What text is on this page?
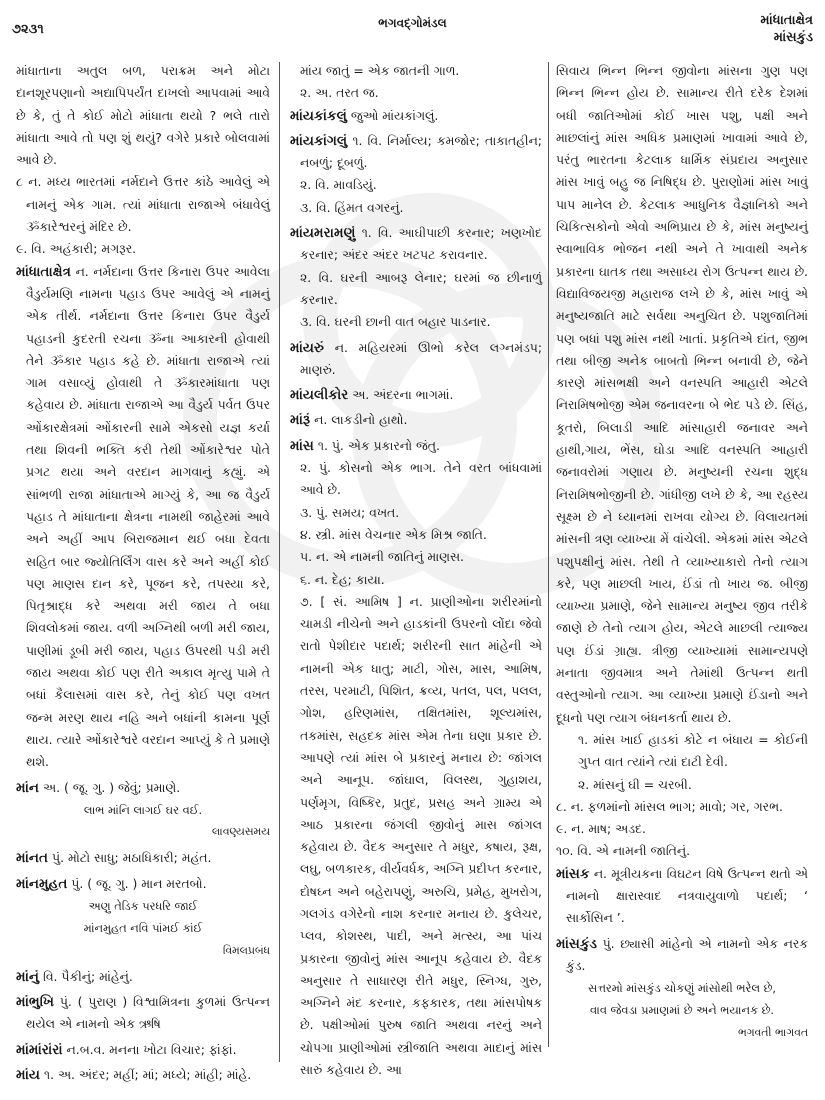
૭૨૩૧	ભગવદ્ગોમંડલ	માંધાતાક્ષેત્ર
માંસકુંડ

માંધાતાના અતુલ બળ, પરાક્રમ અને મોટા દાનશૂરપણાનો અદ્યાપિપર્યંત દાખલો આપવામાં આવે છે કે, તું તે કોઈ મોટો માંધાતા થયો ? ભલે તારો માંધાતા આવે તો પણ શું થયું? વગેરે પ્રકારે બોલવામાં આવે છે.

૮ ન. મધ્ય ભારતમાં નર્મદાને ઉત્તર કાંઠે આવેલું એ નામનું એક ગામ. ત્યાં માંધાતા રાજાએ બંધાવેલું ૐકારેશ્વરનું મંદિર છે.

૯. વિ. અહંકારી; મગરૂર.

માંધાતાક્ષેત્ર ન. નર્મદાના ઉત્તર કિનારા ઉપર આવેલા વૈડુર્યમણિ નામના પહાડ ઉપર આવેલું એ નામનું એક તીર્થ. નર્મદાના ઉત્તર કિનારા ઉપર વૈડુર્ય પહાડની કુદરતી રચના ૐના આકારની હોવાથી તેને ૐકાર પહાડ કહે છે. માંધાતા રાજાએ ત્યાં ગામ વસાવ્યું હોવાથી તે ૐકારમાંધાતા પણ કહેવાય છે. માંધાતા રાજાએ આ વૈડુર્ય પર્વત ઉપર ઓંકારક્ષેત્રમાં ઓંકારની સામે એકસો યજ્ઞ કર્યા તથા શિવની ભક્તિ કરી તેથી ઓંકારેશ્વર પોતે પ્રગટ થયા અને વરદાન માગવાનું કહ્યું. એ સાંભળી રાજા માંધાતાએ માગ્યું કે, આ જ વૈડુર્ય પહાડ તે માંધાતાના ક્ષેત્રના નામથી જાહેરમાં આવે અને અહીં આપ બિરાજમાન થઈ બધા દેવતા સહિત બાર જ્યોતિર્લિંગ વાસ કરે અને અહીં કોઈ પણ માણસ દાન કરે, પૂજન કરે, તપસ્યા કરે, પિતૃશ્રાદ્ધ કરે અથવા મરી જાય તે બધા શિવલોકમાં જાય. વળી અગ્નિથી બળી મરી જાય, પાણીમાં ડૂબી મરી જાય, પહાડ ઉપરથી પડી મરી જાય અથવા કોઈ પણ રીતે અકાલ મૃત્યુ પામે તે બધાં કૈલાસમાં વાસ કરે, તેનું કોઈ પણ વખત જન્મ મરણ થાય નહિ અને બધાંની કામના પૂર્ણ થાય. ત્યારે ઓંકારેશ્વરે વરદાન આપ્યું કે તે પ્રમાણે થશે.

માંન અ. ( જૂ. ગુ. ) જેવું; પ્રમાણે.

લાભ માંનિ લાગઈ ઘર વઈ.

લાવણ્યસમય

માંનત પું. મોટો સાધુ; મઠાધિકારી; મહંત.

માંનમુહત પું. ( જૂ. ગુ. ) માન મરતબો.

અણુ તેડિક પરધરિ જાઈ

માંનમુહત નવિ પાંમઈ કાંઈ

વિમલપ્રબંધ

માંનું વિ. પૈકીનું; માંહેનું.

માંભુખિ પું. ( પુરાણ ) વિશ્વામિત્રના કુળમાં ઉત્પન્ન થયેલ એ નામનો એક ઋષિ

માંમાંરાંરાં ન.બ.વ. મનના ખોટા વિચાર; ફાંફાં.

માંય ૧. અ. અંદર; મહીં; માં; મધ્યે; માંહી; માંહે.

માંય જાતું = એક જાતની ગાળ.

૨. અ. તરત જ.

માંયકાંકલું જુઓ માંયકાંગલું.

માંયકાંગલું ૧. વિ. નિર્માલ્ય; કમજોર; તાકાતહીન; નબળું; દૂબળું.

૨. વિ. માવડિયું.

૩. વિ. હિંમત વગરનું.

માંયમરામણું ૧. વિ. આઘીપાછી કરનાર; ખણખોદ કરનાર; અંદર અંદર ખટપટ કરાવનાર.

૨. વિ. ઘરની આબરૂ લેનાર; ઘરમાં જ છીનાળું કરનાર.

૩. વિ. ઘરની છાની વાત બહાર પાડનાર.

માંયરું ન. મહિયરમાં ઊભો કરેલ લગ્નમંડપ; માણરું.

માંયલીકોર અ. અંદરના ભાગમાં.

માંરૂં ન. લાકડીનો હાથો.

માંસ ૧. પું. એક પ્રકારનો જંતુ.

૨. પું. કોસનો એક ભાગ. તેને વરત બાંધવામાં આવે છે.

૩. પું. સમય; વખત.

૪. સ્ત્રી. માંસ વેચનાર એક મિશ્ર જાતિ.

૫. ન. એ નામની જાતિનું માણસ.

૬. ન. દેહ; કાયા.

૭. [ સં. આમિષ ] ન. પ્રાણીઓના શરીરમાંનો ચામડી નીચેનો અને હાડકાંની ઉપરનો લોંદા જેવો રાતો પેશીદાર પદાર્થ; શરીરની સાત માંહેની એ નામની એક ધાતુ; માટી, ગોસ, માસ, આમિષ, તરસ, પરમાટી, પિશિત, ક્રવ્ય, પતલ, પલ, પલલ, ગોશ, હરિણમાંસ, તક્ષિતમાંસ, શૂલ્યમાંસ, તકમાંસ, સહદક માંસ એમ તેના ઘણા પ્રકાર છે. આપણે ત્યાં માંસ બે પ્રકારનું મનાય છે: જાંગલ અને આનૂપ. જાંઘાલ, વિલસ્થ, ગુહાશય, પર્ણમૃગ, વિષ્કિર, પ્રતુદ, પ્રસહ અને ગ્રામ્ય એ આઠ પ્રકારના જંગલી જીવોનું માસ જાંગલ કહેવાય છે. વૈદક અનુસાર તે મધુર, કષાય, રૂક્ષ, લઘુ, બળકારક, વીર્યવર્ધક, અગ્નિ પ્રદીપ્ત કરનાર, દોષઘ્ન અને બહેરાપણું, અરુચિ, પ્રમેહ, મુખરોગ, ગલગંડ વગેરેનો નાશ કરનાર મનાય છે. કુલેચર, પ્લવ, કોશસ્થ, પાદી, અને મત્સ્ય, આ પાંચ પ્રકારના જીવોનું માંસ આનૂપ કહેવાય છે. વૈદક અનુસાર તે સાધારણ રીતે મધુર, સ્નિગ્ધ, ગુરુ, અગ્નિને મંદ કરનાર, કફકારક, તથા માંસપોષક છે. પક્ષીઓમાં પુરુષ જાતિ અથવા નરનું અને ચોપગા પ્રાણીઓમાં સ્ત્રીજાતિ અથવા માદાનું માંસ સારું કહેવાય છે. આ

સિવાય ભિન્ન ભિન્ન જીવોના માંસના ગુણ પણ ભિન્ન ભિન્ન હોય છે. સામાન્ય રીતે દરેક દેશમાં બધી જાતિઓમાં કોઈ ખાસ પશુ, પક્ષી અને માછલાંનું માંસ અધિક પ્રમાણમાં ખાવામાં આવે છે, પરંતુ ભારતના કેટલાક ધાર્મિક સંપ્રદાય અનુસાર માંસ ખાવું બહુ જ નિષિદ્ધ છે. પુરાણોમાં માંસ ખાવું પાપ માનેલ છે. કેટલાક આધુનિક વૈજ્ઞાનિકો અને ચિકિત્સકોનો એવો અભિપ્રાય છે કે, માંસ મનુષ્યનું સ્વાભાવિક ભોજન નથી અને તે ખાવાથી અનેક પ્રકારના ઘાતક તથા અસાધ્ય રોગ ઉત્પન્ન થાય છે. વિદ્યાવિજયજી મહારાજ લખે છે કે, માંસ ખાવું એ મનુષ્યજાતિ માટે સર્વથા અનુચિત છે. પશુજાતિમાં પણ બધાં પશુ માંસ નથી ખાતાં. પ્રકૃતિએ દાંત, જીભ તથા બીજી અનેક બાબતો ભિન્ન બનાવી છે, જેને કારણે માંસભક્ષી અને વનસ્પતિ આહારી એટલે નિરામિષભોજી એમ જનાવરના બે ભેદ પડે છે. સિંહ, કૂતરો, બિલાડી આદિ માંસાહારી જનાવર અને હાથી,ગાય, ભેંસ, ઘોડા આદિ વનસ્પતિ આહારી જનાવરોમાં ગણાય છે. મનુષ્યની રચના શુદ્ધ નિરામિષભોજીની છે. ગાંધીજી લખે છે કે, આ રહસ્ય સૂક્ષ્મ છે ને ધ્યાનમાં રાખવા યોગ્ય છે. વિલાયતમાં માંસની ત્રણ વ્યાખ્યા મેં વાંચેલી. એકમાં માંસ એટલે પશુપક્ષીનું માંસ. તેથી તે વ્યાખ્યાકારો તેનો ત્યાગ કરે, પણ માછલી ખાય, ઈંડાં તો ખાય જ. બીજી વ્યાખ્યા પ્રમાણે, જેને સામાન્ય મનુષ્ય જીવ તરીકે જાણે છે તેનો ત્યાગ હોય, એટલે માછલી ત્યાજ્ય પણ ઈંડાં ગ્રાહ્ય. ત્રીજી વ્યાખ્યામાં સામાન્યપણે મનાતા જીવમાત્ર અને તેમાંથી ઉત્પન્ન થતી વસ્તુઓનો ત્યાગ. આ વ્યાખ્યા પ્રમાણે ઈંડાનો અને દૂધનો પણ ત્યાગ બંધનકર્તા થાય છે.

૧. માંસ ખાઈ હાડકાં કોટે ન બંધાય = કોઈની ગુપ્ત વાત ત્યાંને ત્યાં દાટી દેવી.

૨. માંસનું ઘી = ચરબી.

૮. ન. ફળમાંનો માંસલ ભાગ; માવો; ગર, ગરભ.

૯. ન. માષ; અડદ.

૧૦. વિ. એ નામની જાતિનું.

માંસક ન. મૂત્રીયકના વિઘટન વિષે ઉત્પન્ન થતો એ નામનો ક્ષારાસ્વાદ નત્રવાયુવાળો પદાર્થ; ‘ સાર્કોસિન ’.

માંસકુંડ પું. છ્યાસી માંહેનો એ નામનો એક નરક કુંડ.

સત્તરમો માંસકુંડ ચોકણું માંસોથી ભરેલ છે,

વાવ જેવડા પ્રમાણમાં છે અને ભયાનક છે.

ભગવતી ભાગવત
